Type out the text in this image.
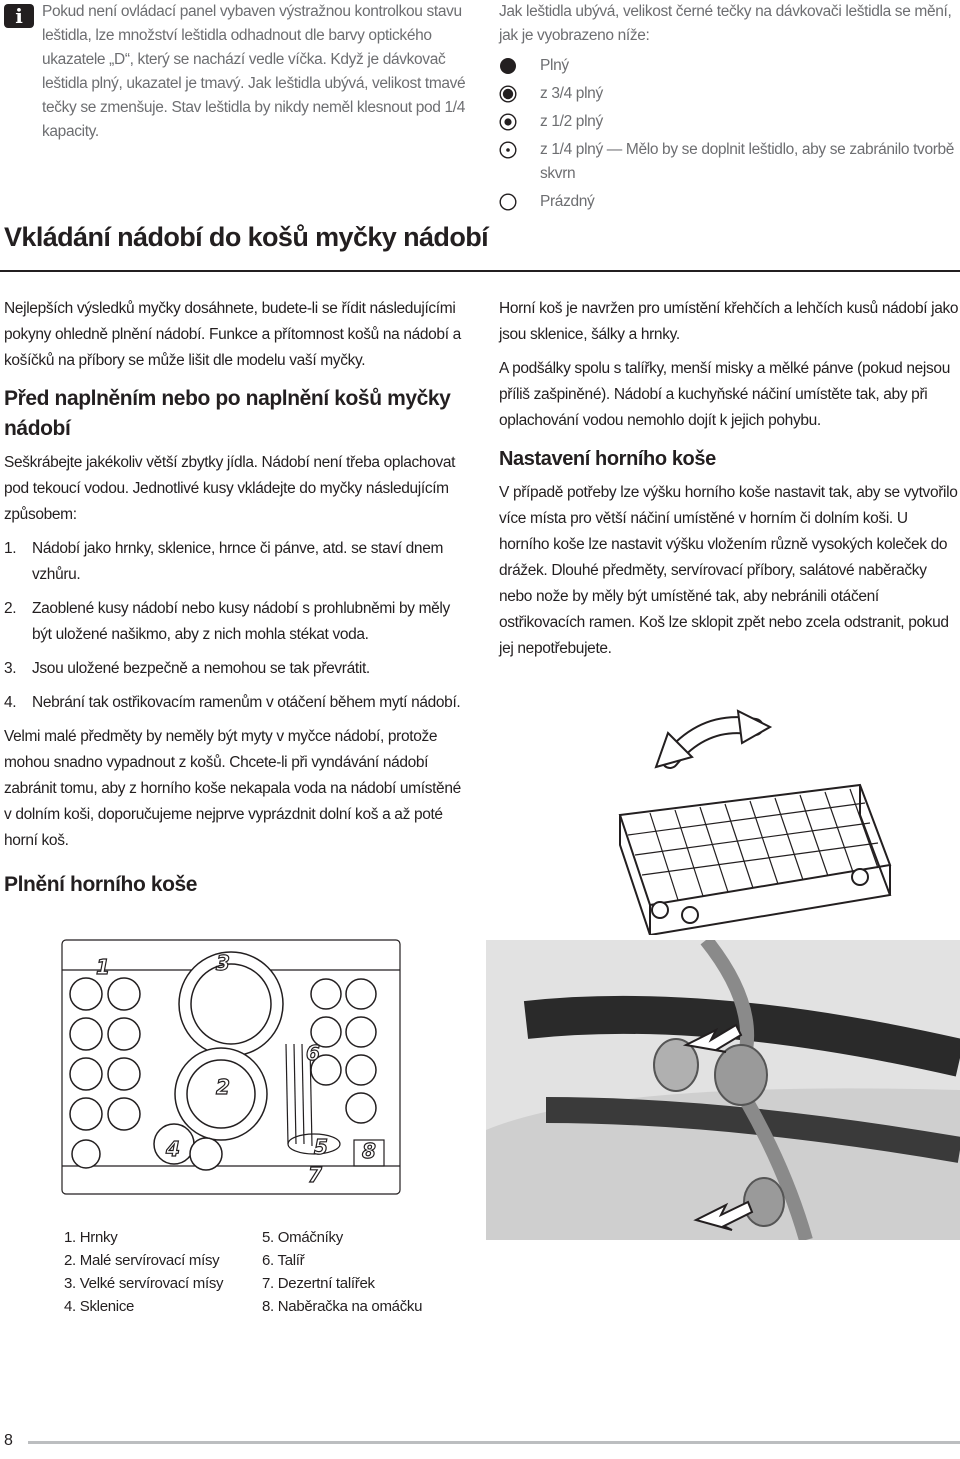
i	Pokud není ovládací panel vybaven výstražnou kontrolkou stavu leštidla, lze množství leštidla odhadnout dle barvy optického ukazatele „D“, který se nachází vedle víčka. Když je dávkovač leštidla plný, ukazatel je tmavý. Jak leštidla ubývá, velikost tmavé tečky se zmenšuje. Stav leštidla by nikdy neměl klesnout pod 1/4 kapacity.
Jak leštidla ubývá, velikost černé tečky na dávkovači leštidla se mění, jak je vyobrazeno níže:
Plný
z 3/4 plný
z 1/2 plný
z 1/4 plný — Mělo by se doplnit leštidlo, aby se zabránilo tvorbě skvrn
Prázdný
Vkládání nádobí do košů myčky nádobí

Nejlepších výsledků myčky dosáhnete, budete-li se řídit následujícími pokyny ohledně plnění nádobí. Funkce a přítomnost košů na nádobí a košíčků na příbory se může lišit dle modelu vaší myčky.

Před naplněním nebo po naplnění košů myčky nádobí

Seškrábejte jakékoliv větší zbytky jídla. Nádobí není třeba oplachovat pod tekoucí vodou. Jednotlivé kusy vkládejte do myčky následujícím způsobem:

1. Nádobí jako hrnky, sklenice, hrnce či pánve, atd. se staví dnem vzhůru.
2. Zaoblené kusy nádobí nebo kusy nádobí s prohlubněmi by měly být uložené našikmo, aby z nich mohla stékat voda.
3. Jsou uložené bezpečně a nemohou se tak převrátit.
4. Nebrání tak ostřikovacím ramenům v otáčení během mytí nádobí.

Velmi malé předměty by neměly být myty v myčce nádobí, protože mohou snadno vypadnout z košů. Chcete-li při vyndávání nádobí zabránit tomu, aby z horního koše nekapala voda na nádobí umístěné v dolním koši, doporučujeme nejprve vyprázdnit dolní koš a až poté horní koš.

Plnění horního koše

Horní koš je navržen pro umístění křehčích a lehčích kusů nádobí jako jsou sklenice, šálky a hrnky.

A podšálky spolu s talířky, menší misky a mělké pánve (pokud nejsou příliš zašpiněné). Nádobí a kuchyňské náčiní umístěte tak, aby při oplachování vodou nemohlo dojít k jejich pohybu.

Nastavení horního koše

V případě potřeby lze výšku horního koše nastavit tak, aby se vytvořilo více místa pro větší náčiní umístěné v horním či dolním koši. U horního koše lze nastavit výšku vložením různě vysokých koleček do drážek. Dlouhé předměty, servírovací příbory, salátové naběračky nebo nože by měly být umístěné tak, aby nebránili otáčení ostřikovacích ramen. Koš lze sklopit zpět nebo zcela odstranit, pokud jej nepotřebujete.

1	3
6
2
4	5
7
8
1. Hrnky
2. Malé servírovací mísy
3. Velké servírovací mísy
4. Sklenice
5. Omáčníky
6. Talíř
7. Dezertní talířek
8. Naběračka na omáčku
8
